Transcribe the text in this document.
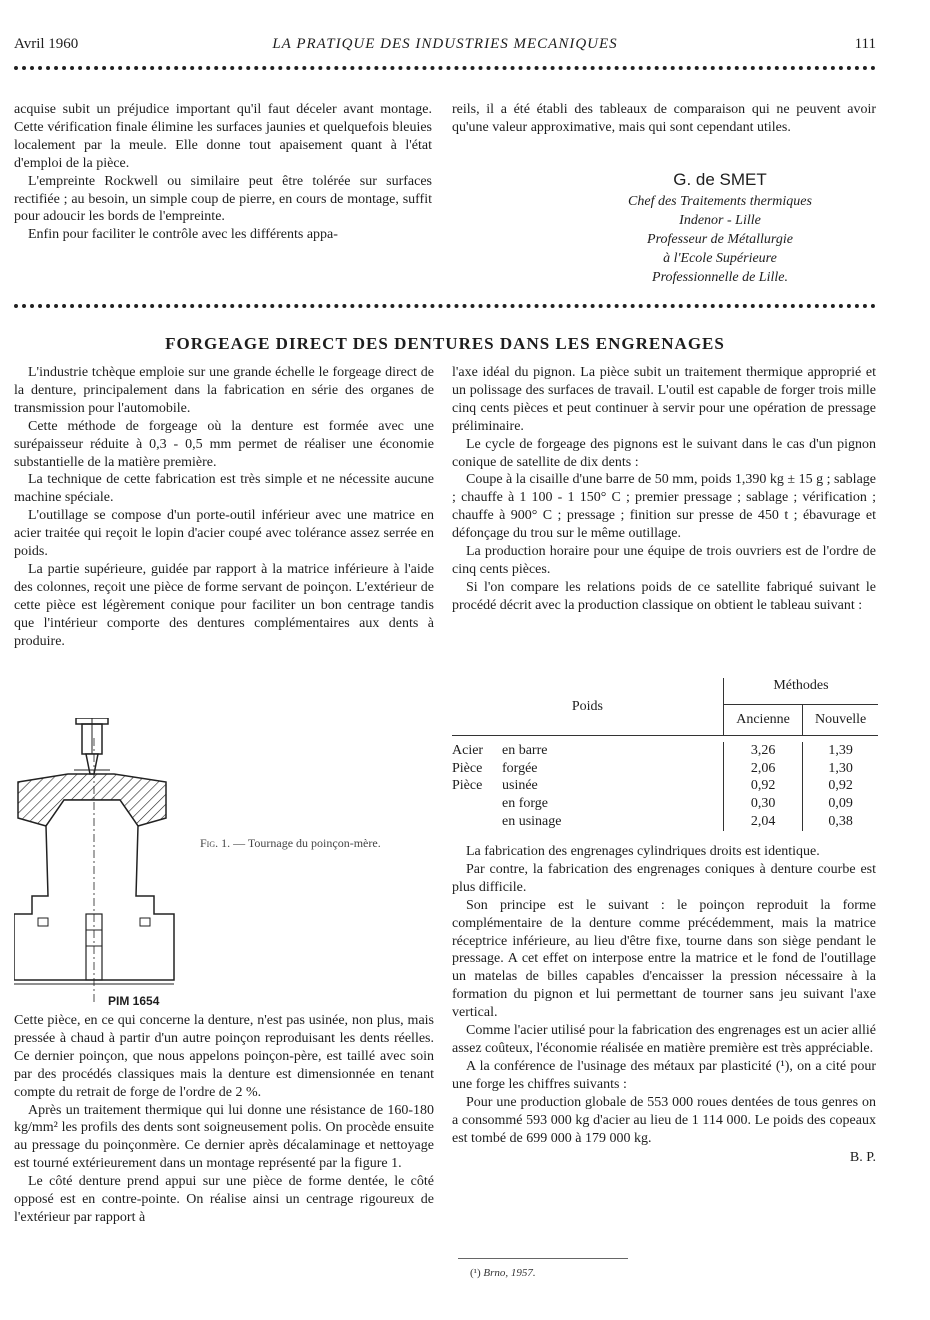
Avril 1960	LA PRATIQUE DES INDUSTRIES MECANIQUES	111

acquise subit un préjudice important qu'il faut déceler avant montage. Cette vérification finale élimine les surfaces jaunies et quelquefois bleuies localement par la meule. Elle donne tout apaisement quant à l'état d'emploi de la pièce.

L'empreinte Rockwell ou similaire peut être tolérée sur surfaces rectifiée ; au besoin, un simple coup de pierre, en cours de montage, suffit pour adoucir les bords de l'empreinte.

Enfin pour faciliter le contrôle avec les différents appa-

reils, il a été établi des tableaux de comparaison qui ne peuvent avoir qu'une valeur approximative, mais qui sont cependant utiles.

G. de SMET
Chef des Traitements thermiques
Indenor - Lille
Professeur de Métallurgie
à l'Ecole Supérieure
Professionnelle de Lille.
FORGEAGE DIRECT DES DENTURES DANS LES ENGRENAGES

L'industrie tchèque emploie sur une grande échelle le forgeage direct de la denture, principalement dans la fabrication en série des organes de transmission pour l'automobile.

Cette méthode de forgeage où la denture est formée avec une surépaisseur réduite à 0,3 - 0,5 mm permet de réaliser une économie substantielle de la matière première.

La technique de cette fabrication est très simple et ne nécessite aucune machine spéciale.

L'outillage se compose d'un porte-outil inférieur avec une matrice en acier traitée qui reçoit le lopin d'acier coupé avec tolérance assez serrée en poids.

La partie supérieure, guidée par rapport à la matrice inférieure à l'aide des colonnes, reçoit une pièce de forme servant de poinçon. L'extérieur de cette pièce est légèrement conique pour faciliter un bon centrage tandis que l'intérieur comporte des dentures complémentaires aux dents à produire.

Fig. 1. — Tournage du poinçon-mère.
PIM 1654

Cette pièce, en ce qui concerne la denture, n'est pas usinée, non plus, mais pressée à chaud à partir d'un autre poinçon reproduisant les dents réelles. Ce dernier poinçon, que nous appelons poinçon-père, est taillé avec soin par des procédés classiques mais la denture est dimensionnée en tenant compte du retrait de forge de l'ordre de 2 %.

Après un traitement thermique qui lui donne une résistance de 160-180 kg/mm² les profils des dents sont soigneusement polis. On procède ensuite au pressage du poinçonmère. Ce dernier après décalaminage et nettoyage est tourné extérieurement dans un montage représenté par la figure 1.

Le côté denture prend appui sur une pièce de forme dentée, le côté opposé est en contre-pointe. On réalise ainsi un centrage rigoureux de l'extérieur par rapport à

l'axe idéal du pignon. La pièce subit un traitement thermique approprié et un polissage des surfaces de travail. L'outil est capable de forger trois mille cinq cents pièces et peut continuer à servir pour une opération de pressage préliminaire.

Le cycle de forgeage des pignons est le suivant dans le cas d'un pignon conique de satellite de dix dents :

Coupe à la cisaille d'une barre de 50 mm, poids 1,390 kg ± 15 g ; sablage ; chauffe à 1 100 - 1 150° C ; premier pressage ; sablage ; vérification ; chauffe à 900° C ; pressage ; finition sur presse de 450 t ; ébavurage et défonçage du trou sur le même outillage.

La production horaire pour une équipe de trois ouvriers est de l'ordre de cinq cents pièces.

Si l'on compare les relations poids de ce satellite fabriqué suivant le procédé décrit avec la production classique on obtient le tableau suivant :

Poids		Méthodes	
		Ancienne	Nouvelle

Acier	en barre	3,26	1,39
Pièce	forgée	2,06	1,30
Pièce	usinée	0,92	0,92
	en forge	0,30	0,09
	en usinage	2,04	0,38

La fabrication des engrenages cylindriques droits est identique.

Par contre, la fabrication des engrenages coniques à denture courbe est plus difficile.

Son principe est le suivant : le poinçon reproduit la forme complémentaire de la denture comme précédemment, mais la matrice réceptrice inférieure, au lieu d'être fixe, tourne dans son siège pendant le pressage. A cet effet on interpose entre la matrice et le fond de l'outillage un matelas de billes capables d'encaisser la pression nécessaire à la formation du pignon et lui permettant de tourner sans jeu suivant l'axe vertical.

Comme l'acier utilisé pour la fabrication des engrenages est un acier allié assez coûteux, l'économie réalisée en matière première est très appréciable.

A la conférence de l'usinage des métaux par plasticité (¹), on a cité pour une forge les chiffres suivants :

Pour une production globale de 553 000 roues dentées de tous genres on a consommé 593 000 kg d'acier au lieu de 1 114 000. Le poids des copeaux est tombé de 699 000 à 179 000 kg.

B. P.

(¹) Brno, 1957.
